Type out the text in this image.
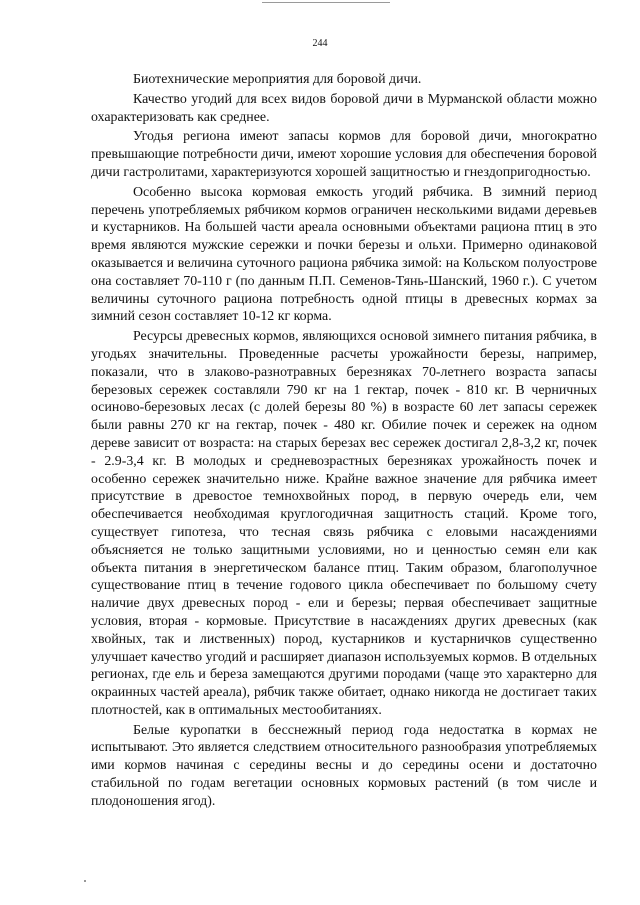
244

Биотехнические мероприятия для боровой дичи.

Качество угодий для всех видов боровой дичи в Мурманской области можно охарактеризовать как среднее.

Угодья региона имеют запасы кормов для боровой дичи, многократно превышающие потребности дичи, имеют хорошие условия для обеспечения боровой дичи гастролитами, характеризуются хорошей защитностью и гнездопригодностью.

Особенно высока кормовая емкость угодий рябчика. В зимний период перечень употребляемых рябчиком кормов ограничен несколькими видами деревьев и кустарников. На большей части ареала основными объектами рациона птиц в это время являются мужские сережки и почки березы и ольхи. Примерно одинаковой оказывается и величина суточного рациона рябчика зимой: на Кольском полуострове она составляет 70-110 г (по данным П.П. Семенов-Тянь-Шанский, 1960 г.). С учетом величины суточного рациона потребность одной птицы в древесных кормах за зимний сезон составляет 10-12 кг корма.

Ресурсы древесных кормов, являющихся основой зимнего питания рябчика, в угодьях значительны. Проведенные расчеты урожайности березы, например, показали, что в злаково-разнотравных березняках 70-летнего возраста запасы березовых сережек составляли 790 кг на 1 гектар, почек - 810 кг. В черничных осиново-березовых лесах (с долей березы 80 %) в возрасте 60 лет запасы сережек были равны 270 кг на гектар, почек - 480 кг. Обилие почек и сережек на одном дереве зависит от возраста: на старых березах вес сережек достигал 2,8-3,2 кг, почек - 2.9-3,4 кг. В молодых и средневозрастных березняках урожайность почек и особенно сережек значительно ниже. Крайне важное значение для рябчика имеет присутствие в древостое темнохвойных пород, в первую очередь ели, чем обеспечивается необходимая круглогодичная защитность стаций. Кроме того, существует гипотеза, что тесная связь рябчика с еловыми насаждениями объясняется не только защитными условиями, но и ценностью семян ели как объекта питания в энергетическом балансе птиц. Таким образом, благополучное существование птиц в течение годового цикла обеспечивает по большому счету наличие двух древесных пород - ели и березы; первая обеспечивает защитные условия, вторая - кормовые. Присутствие в насаждениях других древесных (как хвойных, так и лиственных) пород, кустарников и кустарничков существенно улучшает качество угодий и расширяет диапазон используемых кормов. В отдельных регионах, где ель и береза замещаются другими породами (чаще это характерно для окраинных частей ареала), рябчик также обитает, однако никогда не достигает таких плотностей, как в оптимальных местообитаниях.

Белые куропатки в бесснежный период года недостатка в кормах не испытывают. Это является следствием относительного разнообразия употребляемых ими кормов начиная с середины весны и до середины осени и достаточно стабильной по годам вегетации основных кормовых растений (в том числе и плодоношения ягод).
